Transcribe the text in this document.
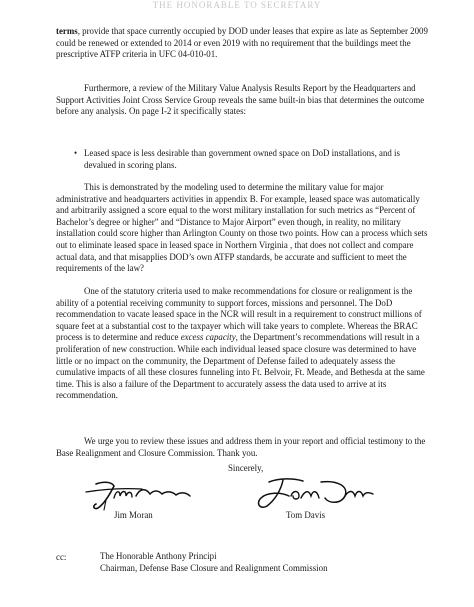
THE HONORABLE TO SECRETARY

terms, provide that space currently occupied by DOD under leases that expire as late as September 2009 could be renewed or extended to 2014 or even 2019 with no requirement that the buildings meet the prescriptive ATFP criteria in UFC 04-010-01.

Furthermore, a review of the Military Value Analysis Results Report by the Headquarters and Support Activities Joint Cross Service Group reveals the same built-in bias that determines the outcome before any analysis. On page I-2 it specifically states:

• Leased space is less desirable than government owned space on DoD installations, and is devalued in scoring plans.

This is demonstrated by the modeling used to determine the military value for major administrative and headquarters activities in appendix B. For example, leased space was automatically and arbitrarily assigned a score equal to the worst military installation for such metrics as “Percent of Bachelor’s degree or higher” and “Distance to Major Airport” even though, in reality, no military installation could score higher than Arlington County on those two points. How can a process which sets out to eliminate leased space in leased space in Northern Virginia , that does not collect and compare actual data, and that misapplies DOD’s own ATFP standards, be accurate and sufficient to meet the requirements of the law?

One of the statutory criteria used to make recommendations for closure or realignment is the ability of a potential receiving community to support forces, missions and personnel. The DoD recommendation to vacate leased space in the NCR will result in a requirement to construct millions of square feet at a substantial cost to the taxpayer which will take years to complete. Whereas the BRAC process is to determine and reduce excess capacity, the Department’s recommendations will result in a proliferation of new construction. While each individual leased space closure was determined to have little or no impact on the community, the Department of Defense failed to adequately assess the cumulative impacts of all these closures funneling into Ft. Belvoir, Ft. Meade, and Bethesda at the same time. This is also a failure of the Department to accurately assess the data used to arrive at its recommendation.

We urge you to review these issues and address them in your report and official testimony to the Base Realignment and Closure Commission. Thank you.

Sincerely,
Jim Moran	Tom Davis
cc:	The Honorable Anthony Principi
Chairman, Defense Base Closure and Realignment Commission
